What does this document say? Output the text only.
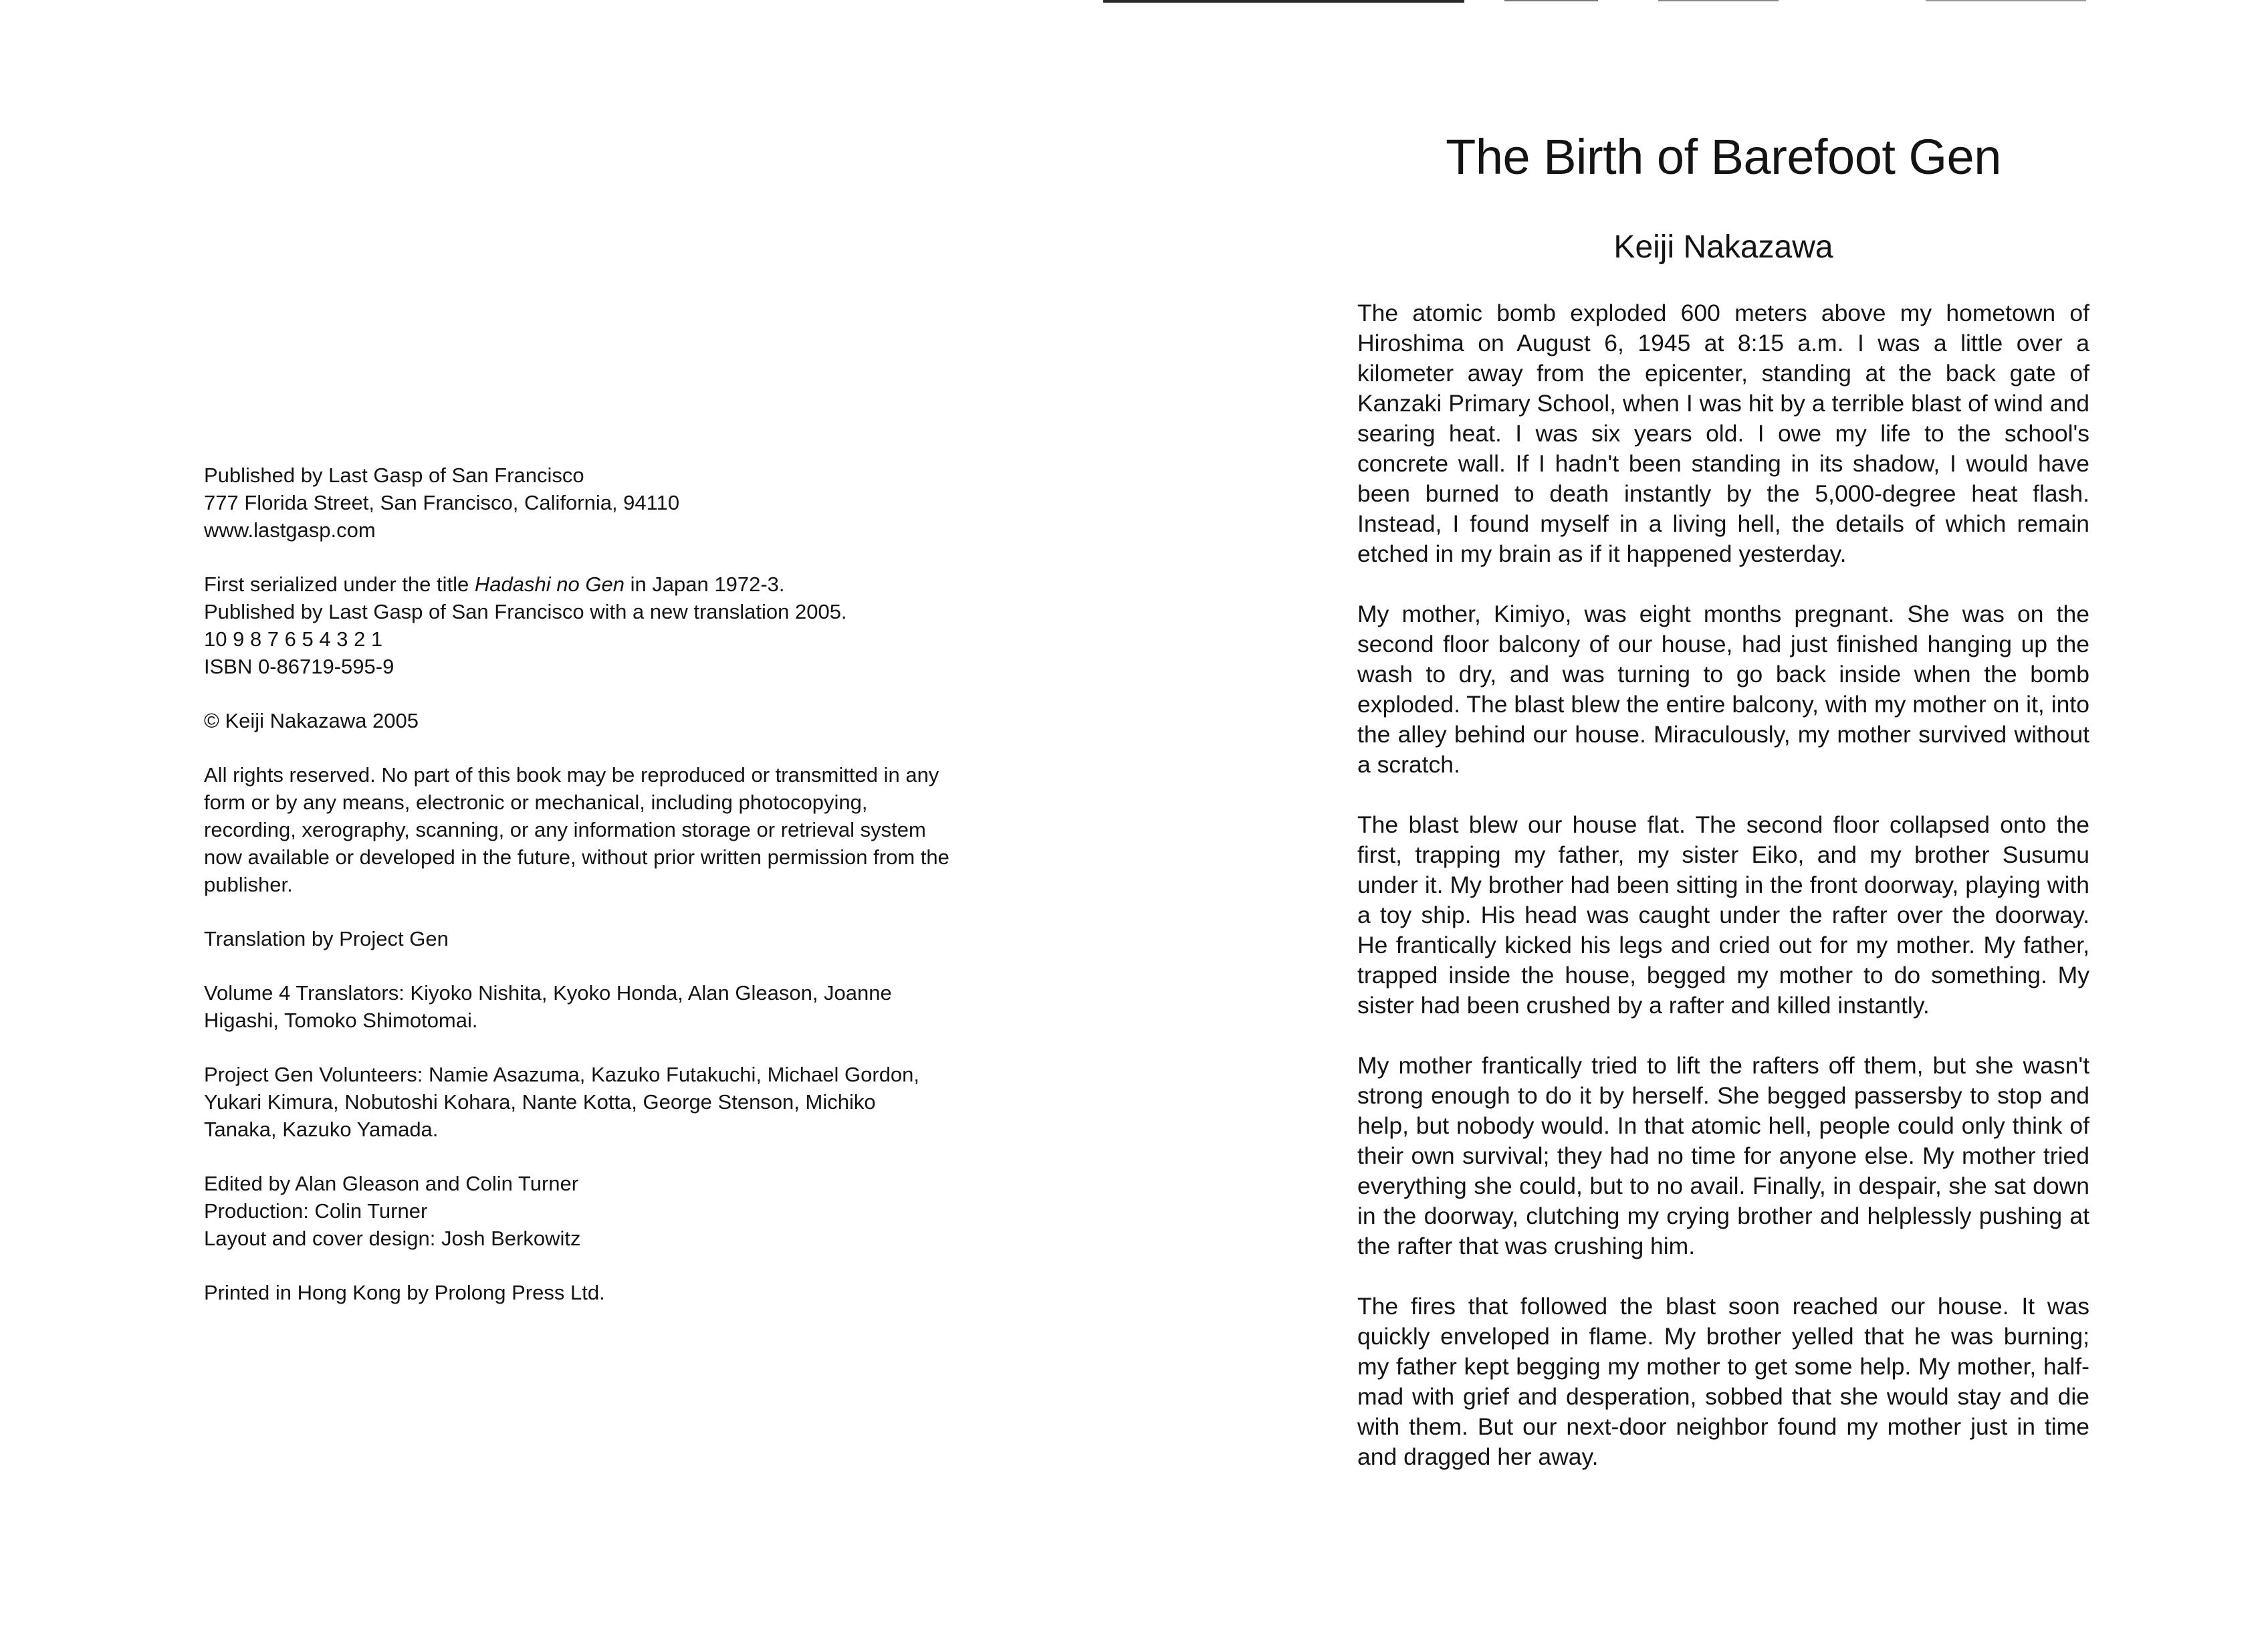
Published by Last Gasp of San Francisco

777 Florida Street, San Francisco, California, 94110

www.lastgasp.com

First serialized under the title Hadashi no Gen in Japan 1972-3.

Published by Last Gasp of San Francisco with a new translation 2005.

10 9 8 7 6 5 4 3 2 1

ISBN 0-86719-595-9

© Keiji Nakazawa 2005

All rights reserved. No part of this book may be reproduced or transmitted in any form or by any means, electronic or mechanical, including photocopying, recording, xerography, scanning, or any information storage or retrieval system now available or developed in the future, without prior written permission from the publisher.

Translation by Project Gen

Volume 4 Translators: Kiyoko Nishita, Kyoko Honda, Alan Gleason, Joanne Higashi, Tomoko Shimotomai.

Project Gen Volunteers: Namie Asazuma, Kazuko Futakuchi, Michael Gordon, Yukari Kimura, Nobutoshi Kohara, Nante Kotta, George Stenson, Michiko Tanaka, Kazuko Yamada.

Edited by Alan Gleason and Colin Turner

Production: Colin Turner

Layout and cover design: Josh Berkowitz

Printed in Hong Kong by Prolong Press Ltd.

The Birth of Barefoot Gen
Keiji Nakazawa

The atomic bomb exploded 600 meters above my hometown of Hiroshima on August 6, 1945 at 8:15 a.m. I was a little over a kilometer away from the epicenter, standing at the back gate of Kanzaki Primary School, when I was hit by a terrible blast of wind and searing heat. I was six years old. I owe my life to the school's concrete wall. If I hadn't been standing in its shadow, I would have been burned to death instantly by the 5,000-degree heat flash. Instead, I found myself in a living hell, the details of which remain etched in my brain as if it happened yesterday.

My mother, Kimiyo, was eight months pregnant. She was on the second floor balcony of our house, had just finished hanging up the wash to dry, and was turning to go back inside when the bomb exploded. The blast blew the entire balcony, with my mother on it, into the alley behind our house. Miraculously, my mother survived without a scratch.

The blast blew our house flat. The second floor collapsed onto the first, trapping my father, my sister Eiko, and my brother Susumu under it. My brother had been sitting in the front doorway, playing with a toy ship. His head was caught under the rafter over the doorway. He frantically kicked his legs and cried out for my mother. My father, trapped inside the house, begged my mother to do something. My sister had been crushed by a rafter and killed instantly.

My mother frantically tried to lift the rafters off them, but she wasn't strong enough to do it by herself. She begged passersby to stop and help, but nobody would. In that atomic hell, people could only think of their own survival; they had no time for anyone else. My mother tried everything she could, but to no avail. Finally, in despair, she sat down in the doorway, clutching my crying brother and helplessly pushing at the rafter that was crushing him.

The fires that followed the blast soon reached our house. It was quickly enveloped in flame. My brother yelled that he was burning; my father kept begging my mother to get some help. My mother, half-mad with grief and desperation, sobbed that she would stay and die with them. But our next-door neighbor found my mother just in time and dragged her away.
